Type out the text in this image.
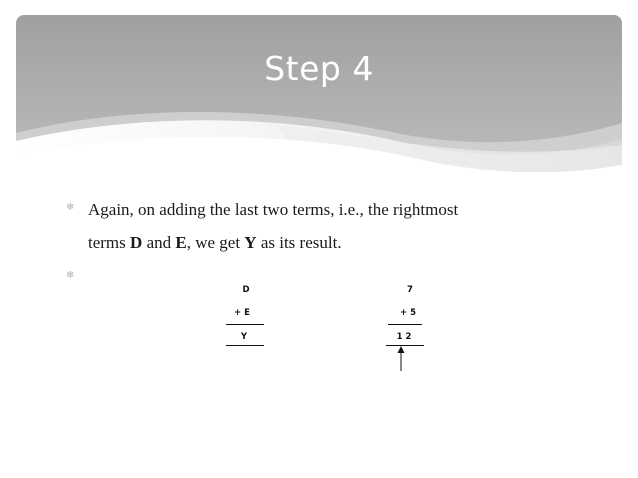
Step 4
❄ Again, on adding the last two terms, i.e., the rightmost
terms D and E, we get Y as its result.
❄
D
+ E
Y
7
+ 5
1 2
